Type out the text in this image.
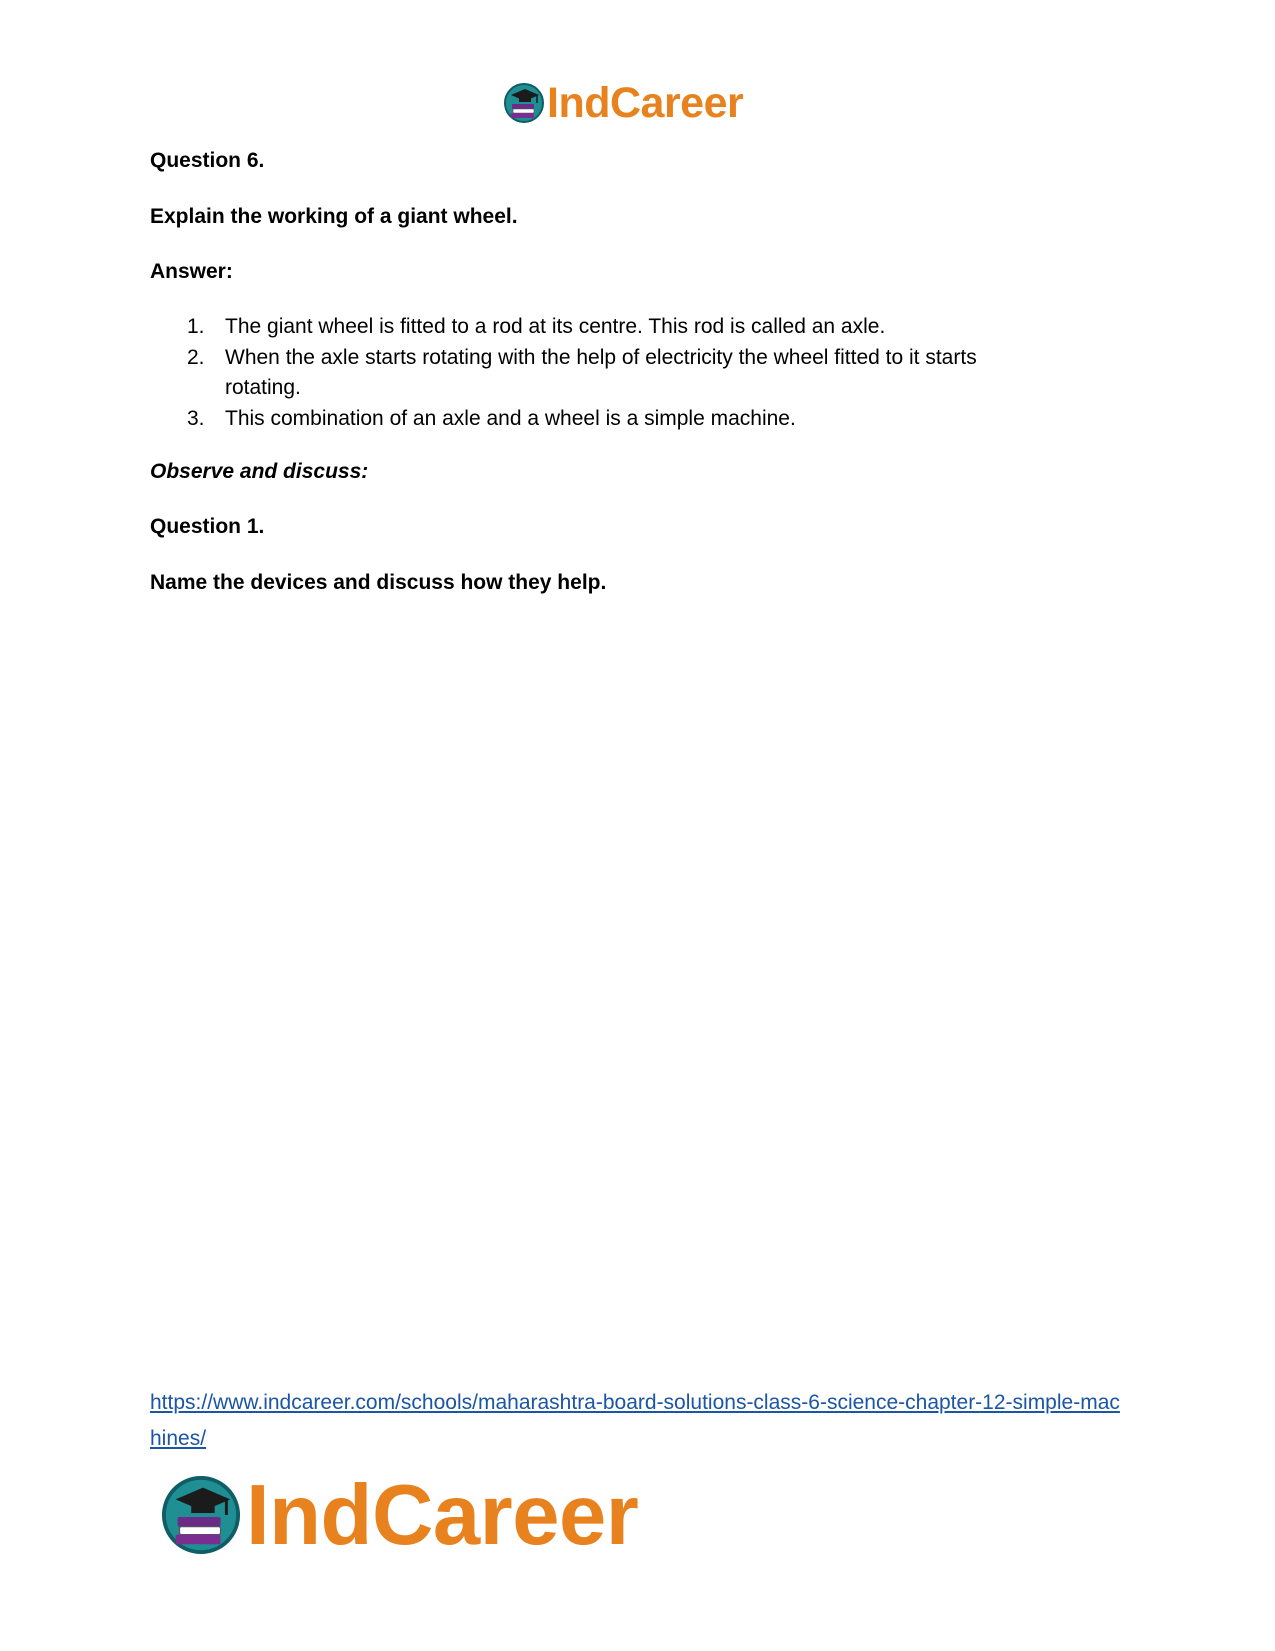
IndCareer

Question 6.

Explain the working of a giant wheel.

Answer:

1. The giant wheel is fitted to a rod at its centre. This rod is called an axle.
2. When the axle starts rotating with the help of electricity the wheel fitted to it starts rotating.
3. This combination of an axle and a wheel is a simple machine.

Observe and discuss:

Question 1.

Name the devices and discuss how they help.

https://www.indcareer.com/schools/maharashtra-board-solutions-class-6-science-chapter-12-simple-machines/
IndCareer
